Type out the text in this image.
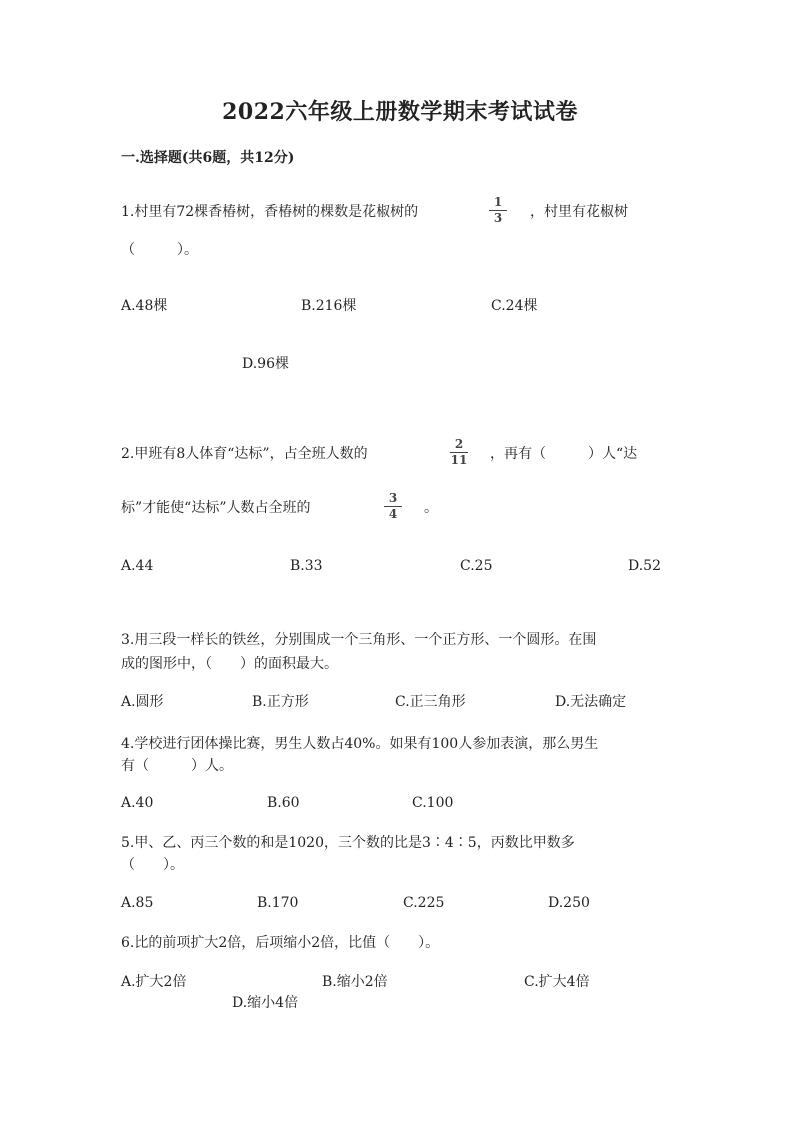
2022六年级上册数学期末考试试卷
一.选择题(共6题，共12分)
1.村里有72棵香椿树，香椿树的棵数是花椒树的
1
3	，村里有花椒树
（　　　）。
A.48棵	B.216棵	C.24棵
D.96棵
2.甲班有8人体育“达标”，占全班人数的
2
11 ，再有（　　　）人“达
标”才能使“达标”人数占全班的
3
4	。
A.44	B.33	C.25	D.52
3.用三段一样长的铁丝，分别围成一个三角形、一个正方形、一个圆形。在围
成的图形中，（　　）的面积最大。
A.圆形	B.正方形	C.正三角形	D.无法确定
4.学校进行团体操比赛，男生人数占40%。如果有100人参加表演，那么男生
有（　　　）人。
A.40	B.60	C.100
5.甲、乙、丙三个数的和是1020，三个数的比是3∶4∶5，丙数比甲数多
（　　）。
A.85	B.170	C.225	D.250
6.比的前项扩大2倍，后项缩小2倍，比值（　　）。
A.扩大2倍	B.缩小2倍	C.扩大4倍
D.缩小4倍
